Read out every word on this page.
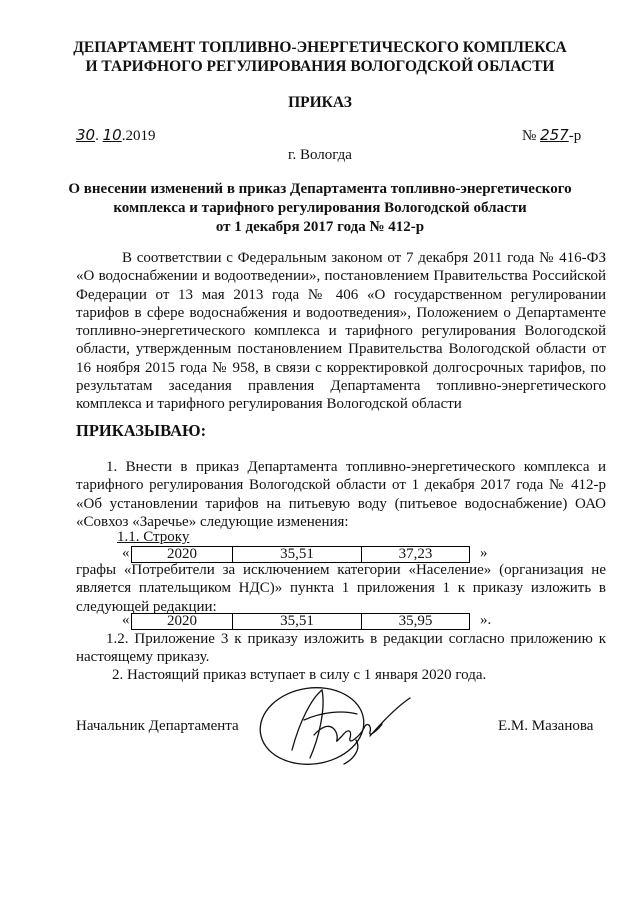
ДЕПАРТАМЕНТ ТОПЛИВНО-ЭНЕРГЕТИЧЕСКОГО КОМПЛЕКСА
И ТАРИФНОГО РЕГУЛИРОВАНИЯ ВОЛОГОДСКОЙ ОБЛАСТИ
ПРИКАЗ
30. 10.2019	№ 257-р
г. Вологда
О внесении изменений в приказ Департамента топливно-энергетического
комплекса и тарифного регулирования Вологодской области
от 1 декабря 2017 года № 412-р
В соответствии с Федеральным законом от 7 декабря 2011 года № 416-ФЗ «О водоснабжении и водоотведении», постановлением Правительства Российской Федерации от 13 мая 2013 года № 406 «О государственном регулировании тарифов в сфере водоснабжения и водоотведения», Положением о Департаменте топливно-энергетического комплекса и тарифного регулирования Вологодской области, утвержденным постановлением Правительства Вологодской области от 16 ноября 2015 года № 958, в связи с корректировкой долгосрочных тарифов, по результатам заседания правления Департамента топливно-энергетического комплекса и тарифного регулирования Вологодской области
ПРИКАЗЫВАЮ:
1. Внести в приказ Департамента топливно-энергетического комплекса и тарифного регулирования Вологодской области от 1 декабря 2017 года № 412-р «Об установлении тарифов на питьевую воду (питьевое водоснабжение) ОАО «Совхоз «Заречье» следующие изменения:
1.1. Строку
«	2020	35,51	37,23	»
графы «Потребители за исключением категории «Население» (организация не является плательщиком НДС)» пункта 1 приложения 1 к приказу изложить в следующей редакции:
«	2020	35,51	35,95	».
1.2. Приложение 3 к приказу изложить в редакции согласно приложению к настоящему приказу.
2. Настоящий приказ вступает в силу с 1 января 2020 года.
Начальник Департамента	Е.М. Мазанова
